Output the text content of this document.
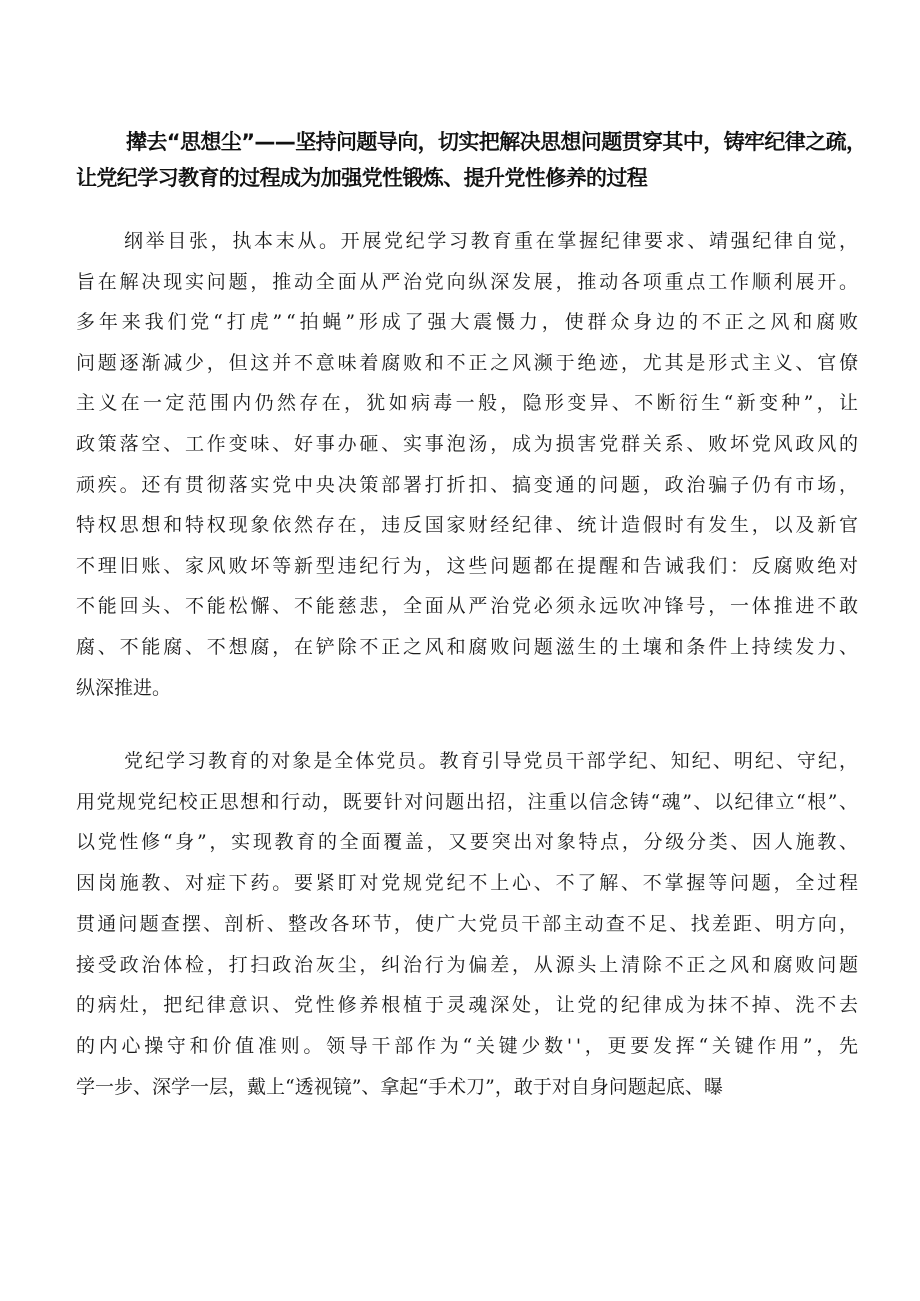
撵去“思想尘”——坚持问题导向，切实把解决思想问题贯穿其中，铸牢纪律之疏，让党纪学习教育的过程成为加强党性锻炼、提升党性修养的过程
纲举目张，执本末从。开展党纪学习教育重在掌握纪律要求、靖强纪律自觉，
旨在解决现实问题，推动全面从严治党向纵深发展，推动各项重点工作顺利展开。
多年来我们党“打虎”“拍蝇”形成了强大震慑力，使群众身边的不正之风和腐败
问题逐渐减少，但这并不意味着腐败和不正之风濒于绝迹，尤其是形式主义、官僚
主义在一定范围内仍然存在，犹如病毒一般，隐形变异、不断衍生“新变种”，让
政策落空、工作变味、好事办砸、实事泡汤，成为损害党群关系、败坏党风政风的
顽疾。还有贯彻落实党中央决策部署打折扣、搞变通的问题，政治骗子仍有市场，
特权思想和特权现象依然存在，违反国家财经纪律、统计造假时有发生，以及新官
不理旧账、家风败坏等新型违纪行为，这些问题都在提醒和告诫我们：反腐败绝对
不能回头、不能松懈、不能慈悲，全面从严治党必须永远吹冲锋号，一体推进不敢
腐、不能腐、不想腐，在铲除不正之风和腐败问题滋生的土壤和条件上持续发力、
纵深推进。
党纪学习教育的对象是全体党员。教育引导党员干部学纪、知纪、明纪、守纪，
用党规党纪校正思想和行动，既要针对问题出招，注重以信念铸“魂”、以纪律立“根”、
以党性修“身”，实现教育的全面覆盖，又要突出对象特点，分级分类、因人施教、
因岗施教、对症下药。要紧盯对党规党纪不上心、不了解、不掌握等问题，全过程
贯通问题查摆、剖析、整改各环节，使广大党员干部主动查不足、找差距、明方向，
接受政治体检，打扫政治灰尘，纠治行为偏差，从源头上清除不正之风和腐败问题
的病灶，把纪律意识、党性修养根植于灵魂深处，让党的纪律成为抹不掉、洗不去
的内心操守和价值准则。领导干部作为“关键少数''，更要发挥“关键作用”，先
学一步、深学一层，戴上“透视镜”、拿起“手术刀”，敢于对自身问题起底、曝
